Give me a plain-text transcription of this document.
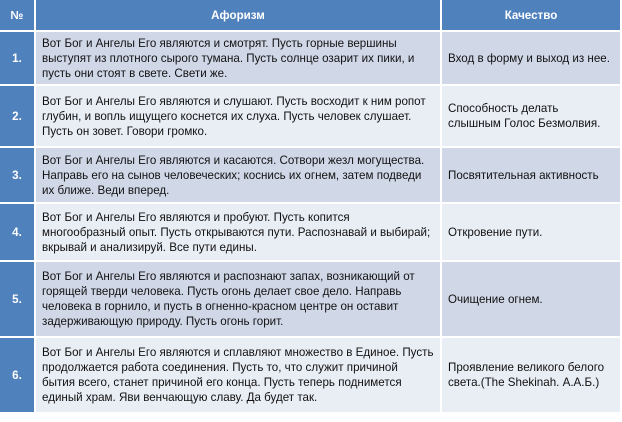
№	Афоризм	Качество
1.	Вот Бог и Ангелы Его являются и смотрят. Пусть горные вершины выступят из плотного сырого тумана. Пусть солнце озарит их пики, и пусть они стоят в свете. Свети же.	Вход в форму и выход из нее.

2.	Вот Бог и Ангелы Его являются и слушают. Пусть восходит к ним ропот глубин, и вопль ищущего коснется их слуха. Пусть человек слушает. Пусть он зовет. Говори громко.	Способность делать слышным Голос Безмолвия.

3.	Вот Бог и Ангелы Его являются и касаются. Сотвори жезл могущества. Направь его на сынов человеческих; коснись их огнем, затем подведи их ближе. Веди вперед.	Посвятительная активность

4.	Вот Бог и Ангелы Его являются и пробуют. Пусть копится многообразный опыт. Пусть открываются пути. Распознавай и выбирай; вкрывай и анализируй. Все пути едины.	Откровение пути.

5.	Вот Бог и Ангелы Его являются и распознают запах, возникающий от горящей тверди человека. Пусть огонь делает свое дело. Направь человека в горнило, и пусть в огненно-красном центре он оставит задерживающую природу. Пусть огонь горит.	Очищение огнем.

6.	Вот Бог и Ангелы Его являются и сплавляют множество в Единое. Пусть продолжается работа соединения. Пусть то, что служит причиной бытия всего, станет причиной его конца. Пусть теперь поднимется единый храм. Яви венчающую славу. Да будет так.	Проявление великого белого света.(The Shekinah. А.А.Б.)
